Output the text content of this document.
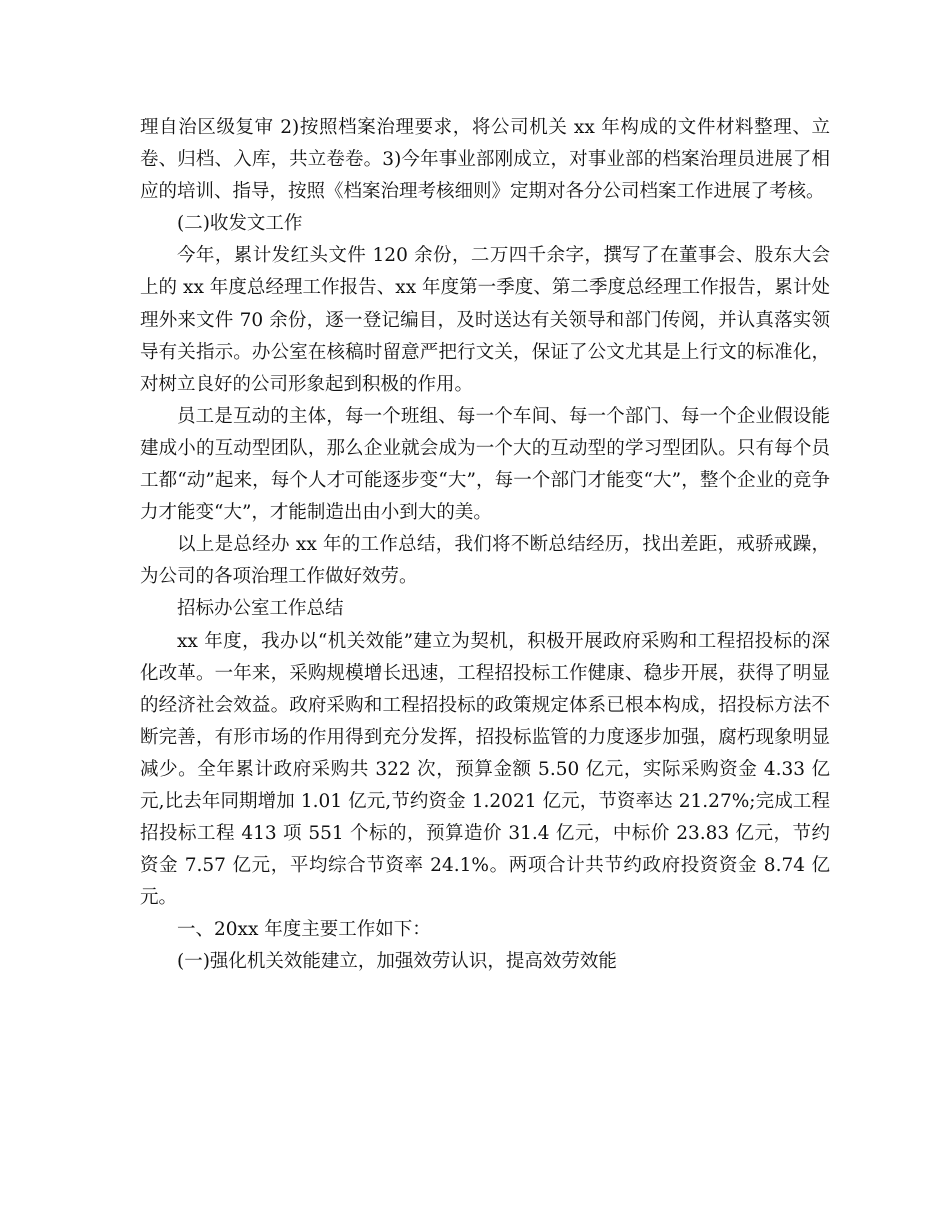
理自治区级复审 2)按照档案治理要求，将公司机关 xx 年构成的文件材料整理、立卷、归档、入库，共立卷卷。3)今年事业部刚成立，对事业部的档案治理员进展了相应的培训、指导，按照《档案治理考核细则》定期对各分公司档案工作进展了考核。

(二)收发文工作

今年，累计发红头文件 120 余份，二万四千余字，撰写了在董事会、股东大会上的 xx 年度总经理工作报告、xx 年度第一季度、第二季度总经理工作报告，累计处理外来文件 70 余份，逐一登记编目，及时送达有关领导和部门传阅，并认真落实领导有关指示。办公室在核稿时留意严把行文关，保证了公文尤其是上行文的标准化，对树立良好的公司形象起到积极的作用。

员工是互动的主体，每一个班组、每一个车间、每一个部门、每一个企业假设能建成小的互动型团队，那么企业就会成为一个大的互动型的学习型团队。只有每个员工都“动”起来，每个人才可能逐步变“大”，每一个部门才能变“大”，整个企业的竞争力才能变“大”，才能制造出由小到大的美。

以上是总经办 xx 年的工作总结，我们将不断总结经历，找出差距，戒骄戒躁，为公司的各项治理工作做好效劳。

招标办公室工作总结

xx 年度，我办以“机关效能”建立为契机，积极开展政府采购和工程招投标的深化改革。一年来，采购规模增长迅速，工程招投标工作健康、稳步开展，获得了明显的经济社会效益。政府采购和工程招投标的政策规定体系已根本构成，招投标方法不断完善，有形市场的作用得到充分发挥，招投标监管的力度逐步加强，腐朽现象明显减少。全年累计政府采购共 322 次，预算金额 5.50 亿元，实际采购资金 4.33 亿元,比去年同期增加 1.01 亿元,节约资金 1.2021 亿元，节资率达 21.27%;完成工程招投标工程 413 项 551 个标的，预算造价 31.4 亿元，中标价 23.83 亿元，节约资金 7.57 亿元，平均综合节资率 24.1%。两项合计共节约政府投资资金 8.74 亿元。

一、20xx 年度主要工作如下：

(一)强化机关效能建立，加强效劳认识，提高效劳效能
